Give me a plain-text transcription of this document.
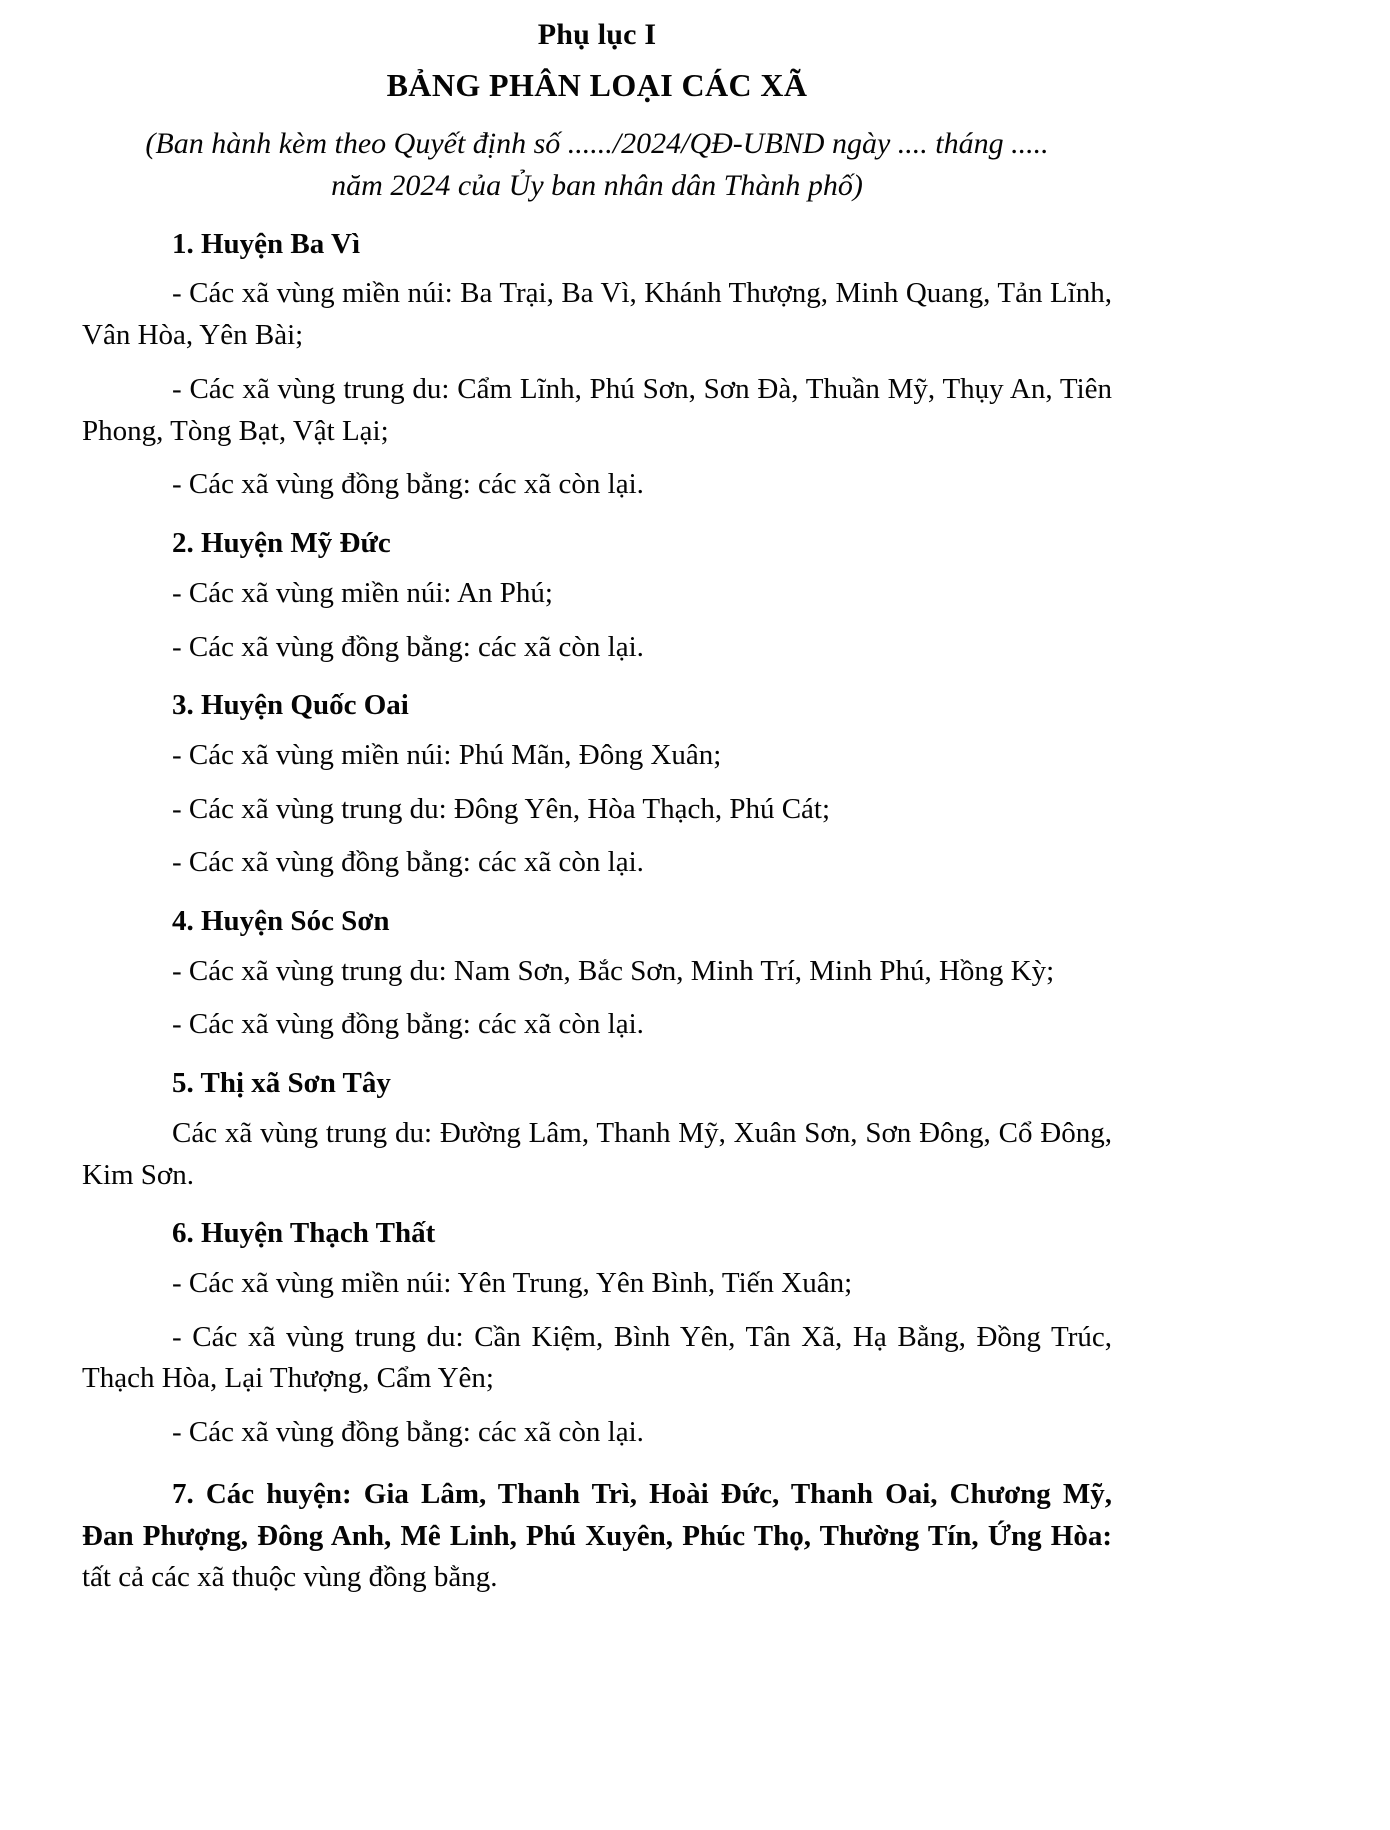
Phụ lục I
BẢNG PHÂN LOẠI CÁC XÃ
(Ban hành kèm theo Quyết định số ....../2024/QĐ-UBND ngày .... tháng .....
năm 2024 của Ủy ban nhân dân Thành phố)
1. Huyện Ba Vì
- Các xã vùng miền núi: Ba Trại, Ba Vì, Khánh Thượng, Minh Quang, Tản Lĩnh, Vân Hòa, Yên Bài;
- Các xã vùng trung du: Cẩm Lĩnh, Phú Sơn, Sơn Đà, Thuần Mỹ, Thụy An, Tiên Phong, Tòng Bạt, Vật Lại;
- Các xã vùng đồng bằng: các xã còn lại.
2. Huyện Mỹ Đức
- Các xã vùng miền núi: An Phú;
- Các xã vùng đồng bằng: các xã còn lại.
3. Huyện Quốc Oai
- Các xã vùng miền núi: Phú Mãn, Đông Xuân;
- Các xã vùng trung du: Đông Yên, Hòa Thạch, Phú Cát;
- Các xã vùng đồng bằng: các xã còn lại.
4. Huyện Sóc Sơn
- Các xã vùng trung du: Nam Sơn, Bắc Sơn, Minh Trí, Minh Phú, Hồng Kỳ;
- Các xã vùng đồng bằng: các xã còn lại.
5. Thị xã Sơn Tây
Các xã vùng trung du: Đường Lâm, Thanh Mỹ, Xuân Sơn, Sơn Đông, Cổ Đông, Kim Sơn.
6. Huyện Thạch Thất
- Các xã vùng miền núi: Yên Trung, Yên Bình, Tiến Xuân;
- Các xã vùng trung du: Cần Kiệm, Bình Yên, Tân Xã, Hạ Bằng, Đồng Trúc, Thạch Hòa, Lại Thượng, Cẩm Yên;
- Các xã vùng đồng bằng: các xã còn lại.
7. Các huyện: Gia Lâm, Thanh Trì, Hoài Đức, Thanh Oai, Chương Mỹ, Đan Phượng, Đông Anh, Mê Linh, Phú Xuyên, Phúc Thọ, Thường Tín, Ứng Hòa: tất cả các xã thuộc vùng đồng bằng.
